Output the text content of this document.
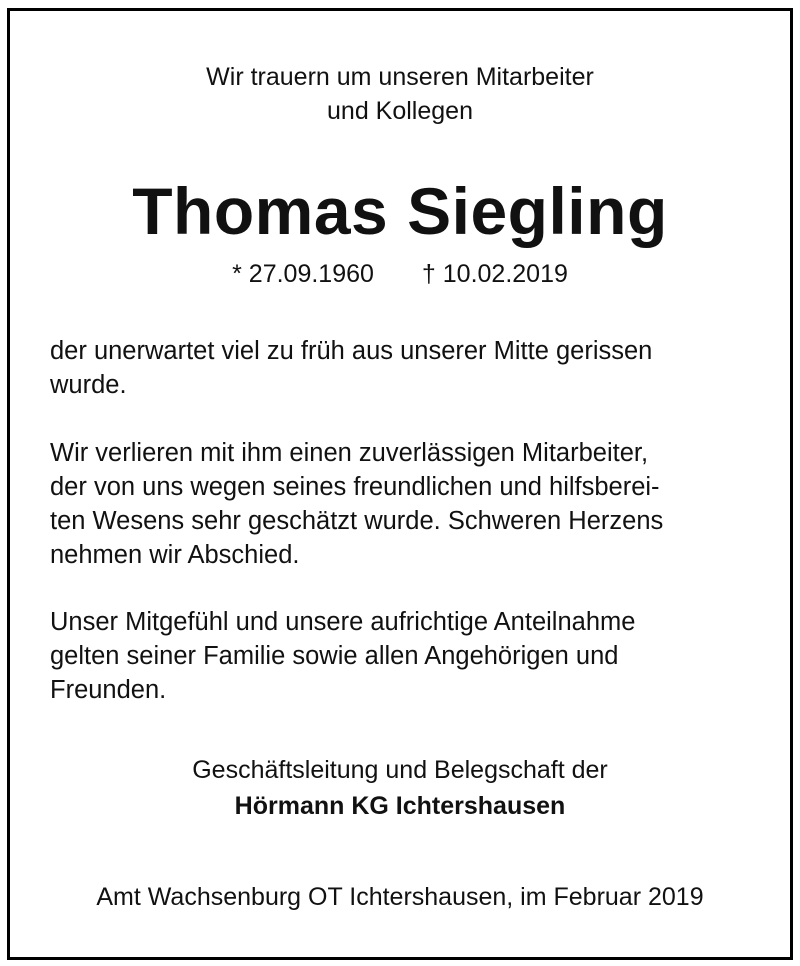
Wir trauern um unseren Mitarbeiter
und Kollegen
Thomas Siegling
* 27.09.1960 † 10.02.2019
der unerwartet viel zu früh aus unserer Mitte gerissen
wurde.
Wir verlieren mit ihm einen zuverlässigen Mitarbeiter,
der von uns wegen seines freundlichen und hilfsberei-
ten Wesens sehr geschätzt wurde. Schweren Herzens
nehmen wir Abschied.
Unser Mitgefühl und unsere aufrichtige Anteilnahme
gelten seiner Familie sowie allen Angehörigen und
Freunden.
Geschäftsleitung und Belegschaft der
Hörmann KG Ichtershausen
Amt Wachsenburg OT Ichtershausen, im Februar 2019
